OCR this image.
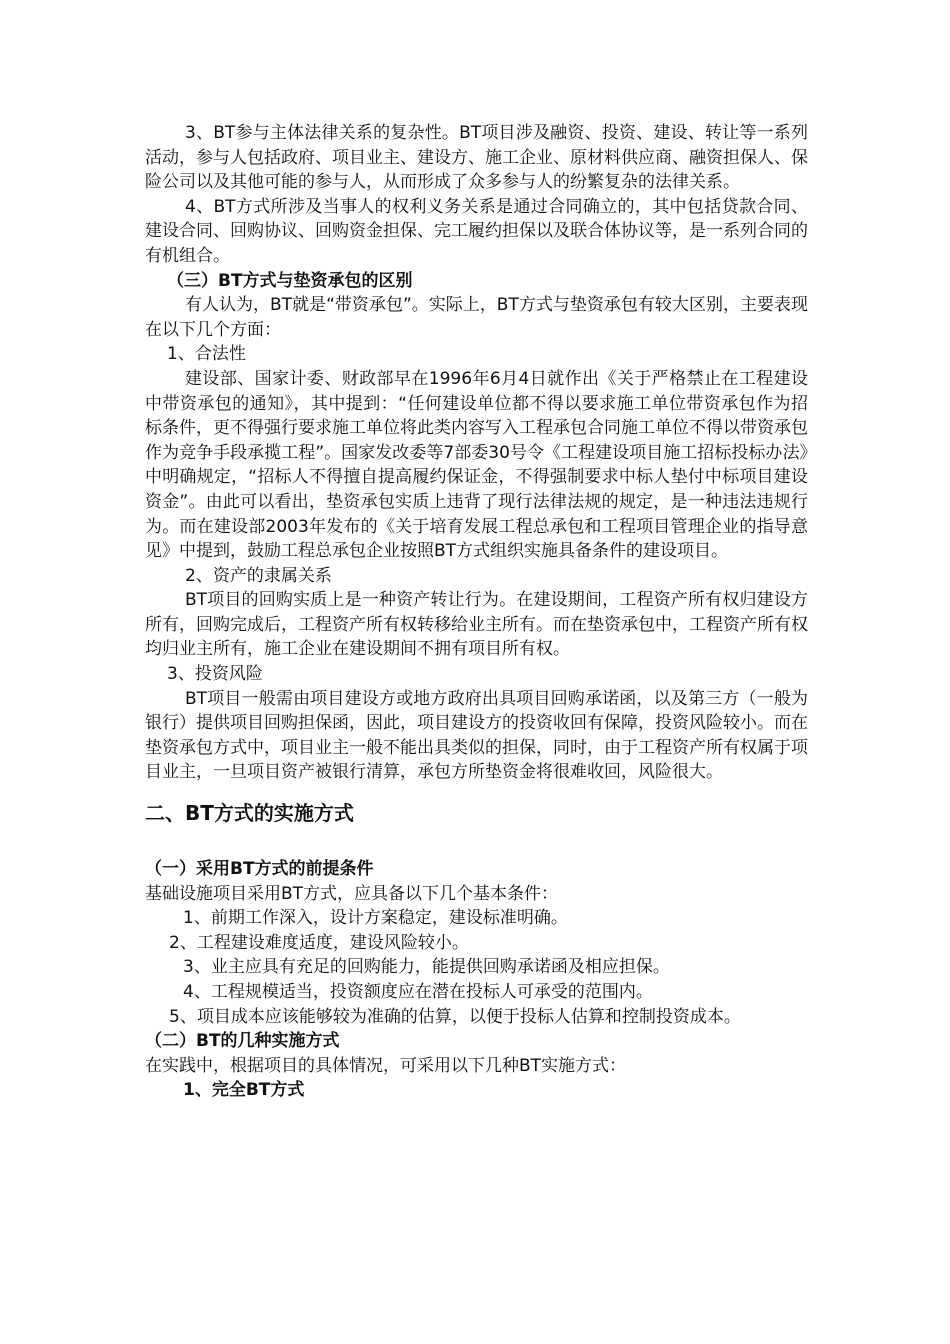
3、BT参与主体法律关系的复杂性。BT项目涉及融资、投资、建设、转让等一系列活动，参与人包括政府、项目业主、建设方、施工企业、原材料供应商、融资担保人、保险公司以及其他可能的参与人，从而形成了众多参与人的纷繁复杂的法律关系。

4、BT方式所涉及当事人的权利义务关系是通过合同确立的，其中包括贷款合同、建设合同、回购协议、回购资金担保、完工履约担保以及联合体协议等，是一系列合同的有机组合。

（三）BT方式与垫资承包的区别

有人认为，BT就是“带资承包”。实际上，BT方式与垫资承包有较大区别，主要表现在以下几个方面：

1、合法性

建设部、国家计委、财政部早在1996年6月4日就作出《关于严格禁止在工程建设中带资承包的通知》，其中提到：“任何建设单位都不得以要求施工单位带资承包作为招标条件，更不得强行要求施工单位将此类内容写入工程承包合同施工单位不得以带资承包作为竞争手段承揽工程”。国家发改委等7部委30号令《工程建设项目施工招标投标办法》中明确规定，“招标人不得擅自提高履约保证金，不得强制要求中标人垫付中标项目建设资金”。由此可以看出，垫资承包实质上违背了现行法律法规的规定，是一种违法违规行为。而在建设部2003年发布的《关于培育发展工程总承包和工程项目管理企业的指导意见》中提到，鼓励工程总承包企业按照BT方式组织实施具备条件的建设项目。

2、资产的隶属关系

BT项目的回购实质上是一种资产转让行为。在建设期间，工程资产所有权归建设方所有，回购完成后，工程资产所有权转移给业主所有。而在垫资承包中，工程资产所有权均归业主所有，施工企业在建设期间不拥有项目所有权。

3、投资风险

BT项目一般需由项目建设方或地方政府出具项目回购承诺函，以及第三方（一般为银行）提供项目回购担保函，因此，项目建设方的投资收回有保障，投资风险较小。而在垫资承包方式中，项目业主一般不能出具类似的担保，同时，由于工程资产所有权属于项目业主，一旦项目资产被银行清算，承包方所垫资金将很难收回，风险很大。

二、BT方式的实施方式

（一）采用BT方式的前提条件

基础设施项目采用BT方式，应具备以下几个基本条件：

1、前期工作深入，设计方案稳定，建设标准明确。

2、工程建设难度适度，建设风险较小。

3、业主应具有充足的回购能力，能提供回购承诺函及相应担保。

4、工程规模适当，投资额度应在潜在投标人可承受的范围内。

5、项目成本应该能够较为准确的估算，以便于投标人估算和控制投资成本。

（二）BT的几种实施方式

在实践中，根据项目的具体情况，可采用以下几种BT实施方式：

1、完全BT方式
